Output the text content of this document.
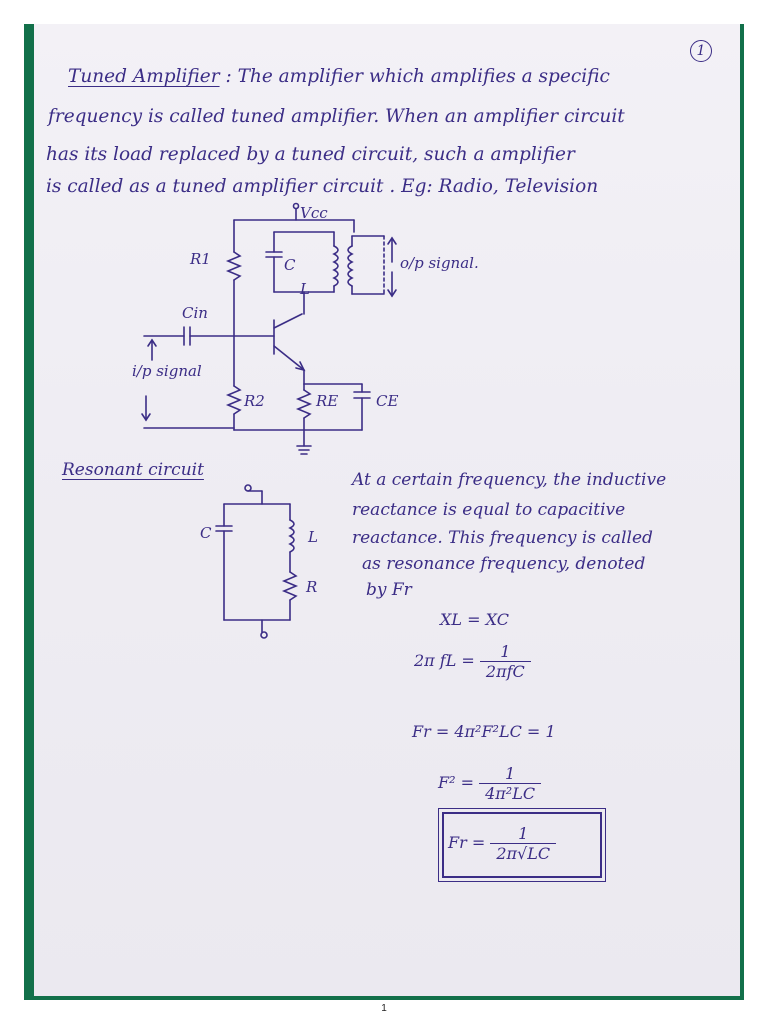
1
Tuned Amplifier : The amplifier which amplifies a specific
frequency is called tuned amplifier. When an amplifier circuit
has its load replaced by a tuned circuit, such a amplifier
is called as a tuned amplifier circuit . Eg: Radio, Television
Vcc
R1	C
L
o/p signal.
Cin
i/p signal
R2	RE	CE
Resonant circuit
C	L
R
At a certain frequency, the inductive
reactance is equal to capacitive
reactance. This frequency is called
as resonance frequency, denoted
by Fr
XL = XC
2π fL = $\frac{1}{\text{2πfC}}$
Fr = 4π²F²LC = 1
$F^2 = \frac{1}{\text{4π²LC}}$
$Fr = \frac{1}{2\pi√LC}$
1
